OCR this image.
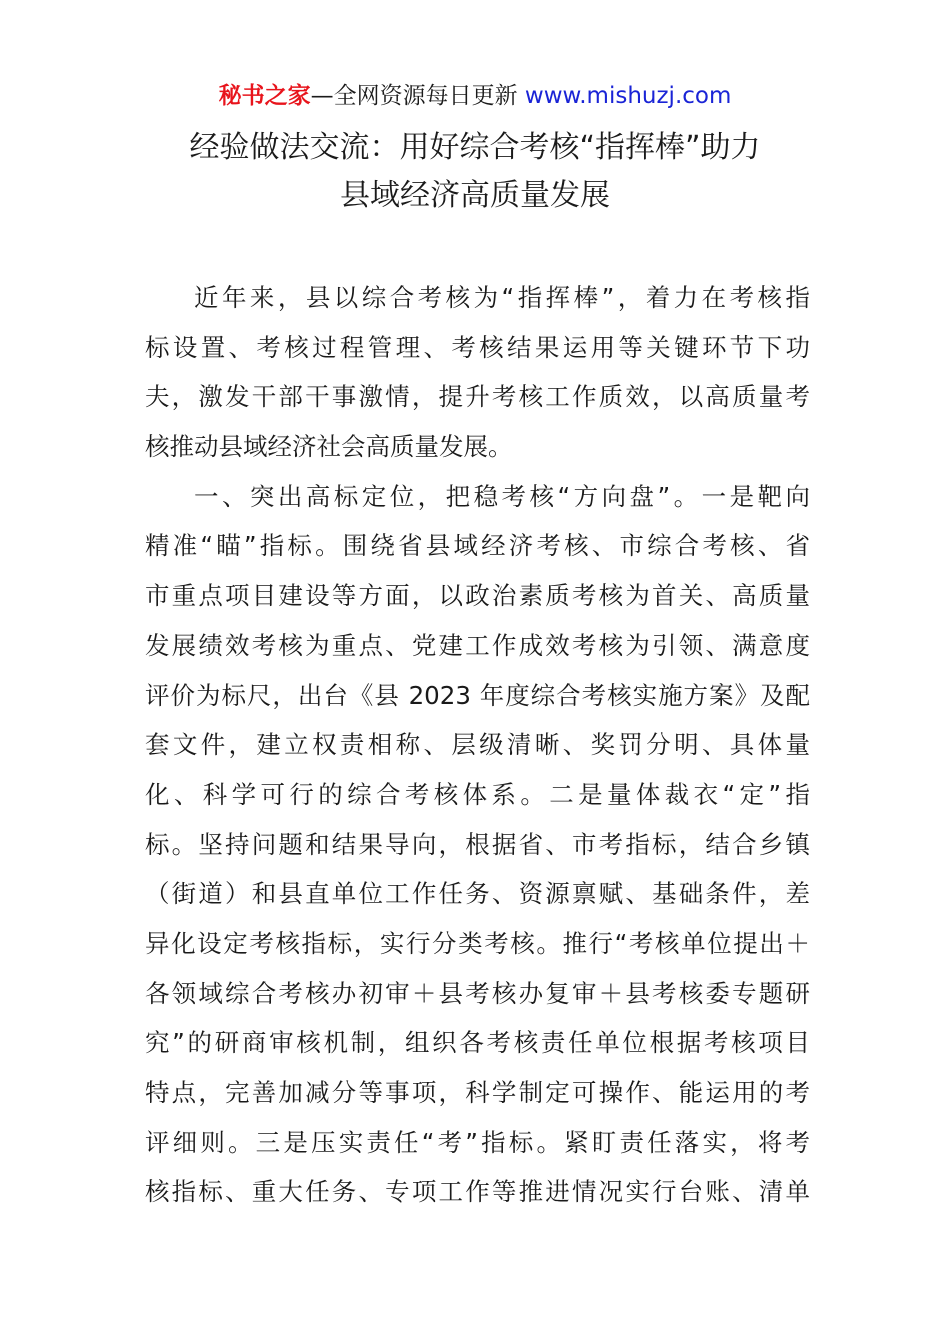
秘书之家—全网资源每日更新 www.mishuzj.com
经验做法交流：用好综合考核“指挥棒”助力
县域经济高质量发展
近年来，县以综合考核为“指挥棒”，着力在考核指
标设置、考核过程管理、考核结果运用等关键环节下功
夫，激发干部干事激情，提升考核工作质效，以高质量考
核推动县域经济社会高质量发展。
一、突出高标定位，把稳考核“方向盘”。一是靶向
精准“瞄”指标。围绕省县域经济考核、市综合考核、省
市重点项目建设等方面，以政治素质考核为首关、高质量
发展绩效考核为重点、党建工作成效考核为引领、满意度
评价为标尺，出台《县 2023 年度综合考核实施方案》及配
套文件，建立权责相称、层级清晰、奖罚分明、具体量
化、科学可行的综合考核体系。二是量体裁衣“定”指
标。坚持问题和结果导向，根据省、市考指标，结合乡镇
（街道）和县直单位工作任务、资源禀赋、基础条件，差
异化设定考核指标，实行分类考核。推行“考核单位提出＋
各领域综合考核办初审＋县考核办复审＋县考核委专题研
究”的研商审核机制，组织各考核责任单位根据考核项目
特点，完善加减分等事项，科学制定可操作、能运用的考
评细则。三是压实责任“考”指标。紧盯责任落实，将考
核指标、重大任务、专项工作等推进情况实行台账、清单
